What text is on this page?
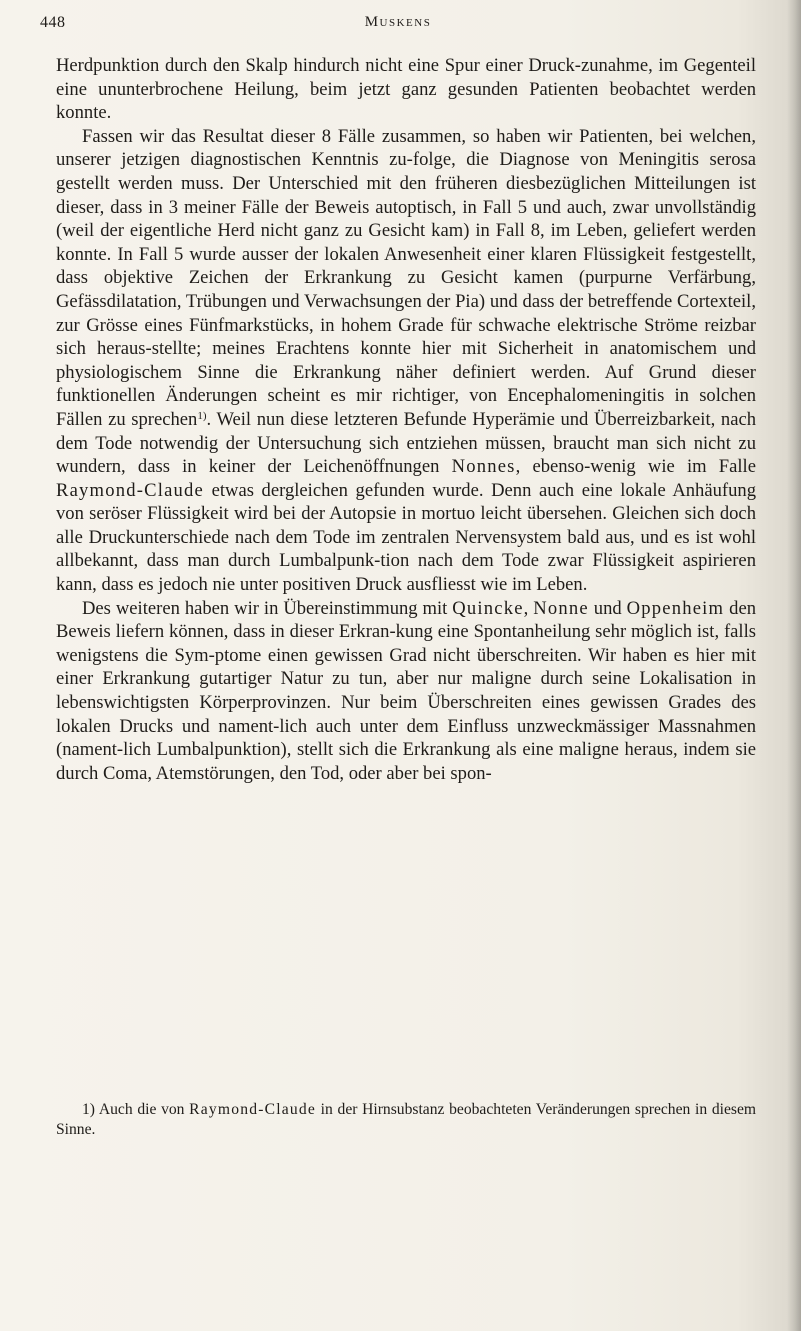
448	Muskens

Herdpunktion durch den Skalp hindurch nicht eine Spur einer Druck-zunahme, im Gegenteil eine ununterbrochene Heilung, beim jetzt ganz gesunden Patienten beobachtet werden konnte.

Fassen wir das Resultat dieser 8 Fälle zusammen, so haben wir Patienten, bei welchen, unserer jetzigen diagnostischen Kenntnis zu-folge, die Diagnose von Meningitis serosa gestellt werden muss. Der Unterschied mit den früheren diesbezüglichen Mitteilungen ist dieser, dass in 3 meiner Fälle der Beweis autoptisch, in Fall 5 und auch, zwar unvollständig (weil der eigentliche Herd nicht ganz zu Gesicht kam) in Fall 8, im Leben, geliefert werden konnte. In Fall 5 wurde ausser der lokalen Anwesenheit einer klaren Flüssigkeit festgestellt, dass objektive Zeichen der Erkrankung zu Gesicht kamen (purpurne Verfärbung, Gefässdilatation, Trübungen und Verwachsungen der Pia) und dass der betreffende Cortexteil, zur Grösse eines Fünfmarkstücks, in hohem Grade für schwache elektrische Ströme reizbar sich heraus-stellte; meines Erachtens konnte hier mit Sicherheit in anatomischem und physiologischem Sinne die Erkrankung näher definiert werden. Auf Grund dieser funktionellen Änderungen scheint es mir richtiger, von Encephalomeningitis in solchen Fällen zu sprechen$^{1)}$. Weil nun diese letzteren Befunde Hyperämie und Überreizbarkeit, nach dem Tode notwendig der Untersuchung sich entziehen müssen, braucht man sich nicht zu wundern, dass in keiner der Leichenöffnungen Nonnes, ebenso-wenig wie im Falle Raymond-Claude etwas dergleichen gefunden wurde. Denn auch eine lokale Anhäufung von seröser Flüssigkeit wird bei der Autopsie in mortuo leicht übersehen. Gleichen sich doch alle Druckunterschiede nach dem Tode im zentralen Nervensystem bald aus, und es ist wohl allbekannt, dass man durch Lumbalpunk-tion nach dem Tode zwar Flüssigkeit aspirieren kann, dass es jedoch nie unter positiven Druck ausfliesst wie im Leben.

Des weiteren haben wir in Übereinstimmung mit Quincke, Nonne und Oppenheim den Beweis liefern können, dass in dieser Erkran-kung eine Spontanheilung sehr möglich ist, falls wenigstens die Sym-ptome einen gewissen Grad nicht überschreiten. Wir haben es hier mit einer Erkrankung gutartiger Natur zu tun, aber nur maligne durch seine Lokalisation in lebenswichtigsten Körperprovinzen. Nur beim Überschreiten eines gewissen Grades des lokalen Drucks und nament-lich auch unter dem Einfluss unzweckmässiger Massnahmen (nament-lich Lumbalpunktion), stellt sich die Erkrankung als eine maligne heraus, indem sie durch Coma, Atemstörungen, den Tod, oder aber bei spon-

1) Auch die von Raymond-Claude in der Hirnsubstanz beobachteten Veränderungen sprechen in diesem Sinne.
